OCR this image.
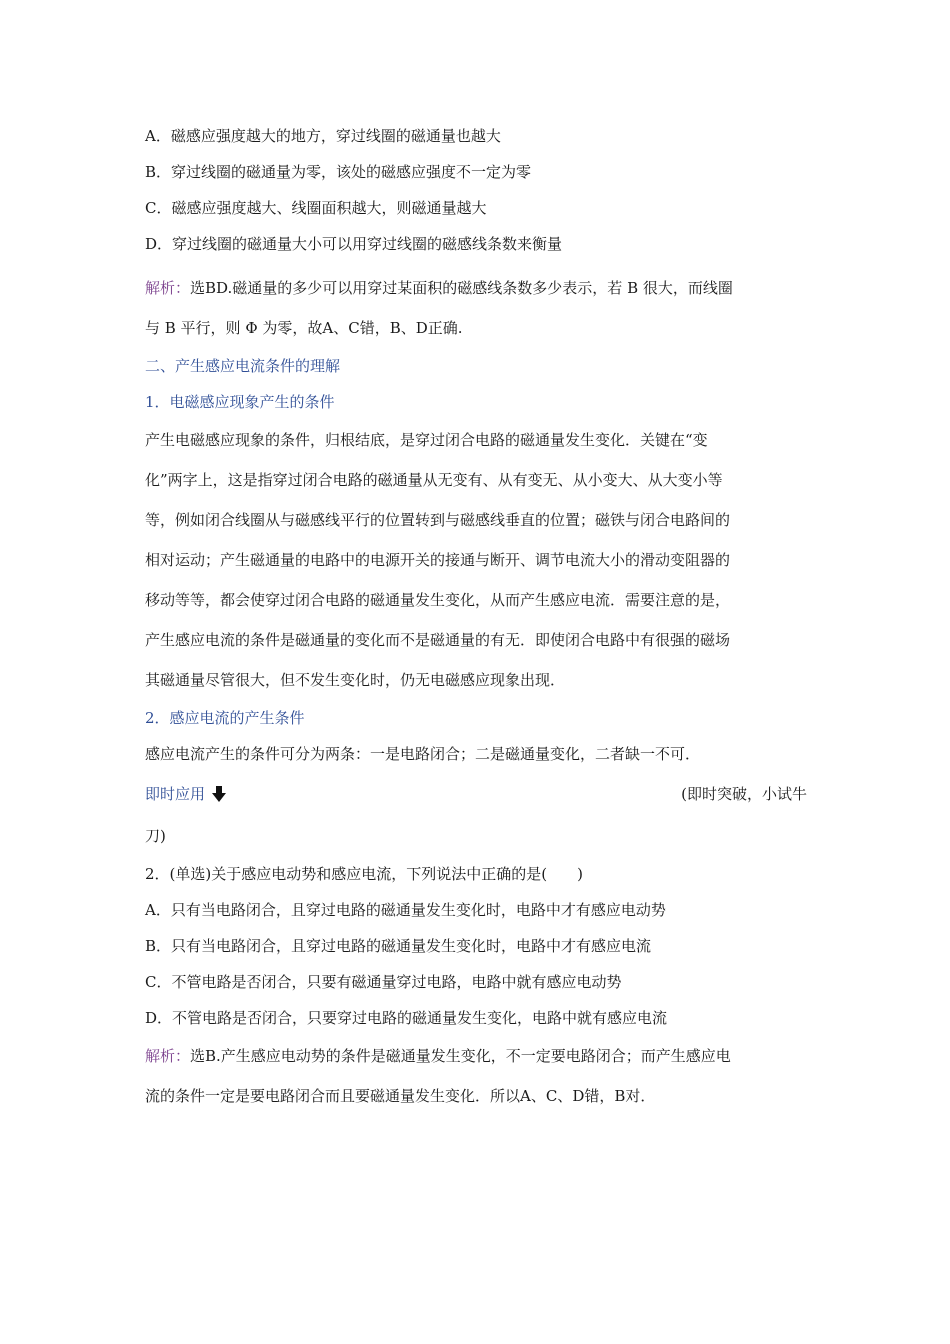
A．磁感应强度越大的地方，穿过线圈的磁通量也越大
B．穿过线圈的磁通量为零，该处的磁感应强度不一定为零
C．磁感应强度越大、线圈面积越大，则磁通量越大
D．穿过线圈的磁通量大小可以用穿过线圈的磁感线条数来衡量
解析：选BD.磁通量的多少可以用穿过某面积的磁感线条数多少表示，若 B 很大，而线圈
与 B 平行，则 Φ 为零，故A、C错，B、D正确.
二、产生感应电流条件的理解
1．电磁感应现象产生的条件
产生电磁感应现象的条件，归根结底，是穿过闭合电路的磁通量发生变化．关键在“变
化”两字上，这是指穿过闭合电路的磁通量从无变有、从有变无、从小变大、从大变小等
等，例如闭合线圈从与磁感线平行的位置转到与磁感线垂直的位置；磁铁与闭合电路间的
相对运动；产生磁通量的电路中的电源开关的接通与断开、调节电流大小的滑动变阻器的
移动等等，都会使穿过闭合电路的磁通量发生变化，从而产生感应电流．需要注意的是，
产生感应电流的条件是磁通量的变化而不是磁通量的有无．即使闭合电路中有很强的磁场
其磁通量尽管很大，但不发生变化时，仍无电磁感应现象出现．
2．感应电流的产生条件
感应电流产生的条件可分为两条：一是电路闭合；二是磁通量变化，二者缺一不可．
即时应用	(即时突破，小试牛
刀)
2．(单选)关于感应电动势和感应电流，下列说法中正确的是(　　)
A．只有当电路闭合，且穿过电路的磁通量发生变化时，电路中才有感应电动势
B．只有当电路闭合，且穿过电路的磁通量发生变化时，电路中才有感应电流
C．不管电路是否闭合，只要有磁通量穿过电路，电路中就有感应电动势
D．不管电路是否闭合，只要穿过电路的磁通量发生变化，电路中就有感应电流
解析：选B.产生感应电动势的条件是磁通量发生变化，不一定要电路闭合；而产生感应电
流的条件一定是要电路闭合而且要磁通量发生变化．所以A、C、D错，B对．
